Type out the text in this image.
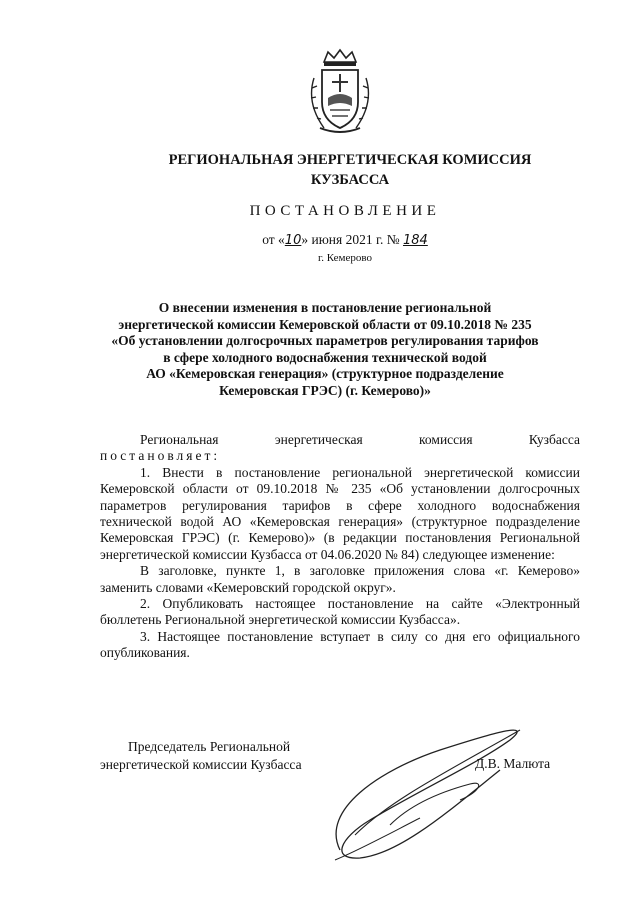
РЕГИОНАЛЬНАЯ ЭНЕРГЕТИЧЕСКАЯ КОМИССИЯ
КУЗБАССА
ПОСТАНОВЛЕНИЕ
от «10» июня 2021 г. № 184
г. Кемерово
О внесении изменения в постановление региональной
энергетической комиссии Кемеровской области от 09.10.2018 № 235
«Об установлении долгосрочных параметров регулирования тарифов
в сфере холодного водоснабжения технической водой
АО «Кемеровская генерация» (структурное подразделение
Кемеровская ГРЭС) (г. Кемерово)»

Региональная энергетическая комиссия Кузбасса

постановляет:

1. Внести в постановление региональной энергетической комиссии Кемеровской области от 09.10.2018 № 235 «Об установлении долгосрочных параметров регулирования тарифов в сфере холодного водоснабжения технической водой АО «Кемеровская генерация» (структурное подразделение Кемеровская ГРЭС) (г. Кемерово)» (в редакции постановления Региональной энергетической комиссии Кузбасса от 04.06.2020 № 84) следующее изменение:

В заголовке, пункте 1, в заголовке приложения слова «г. Кемерово» заменить словами «Кемеровский городской округ».

2. Опубликовать настоящее постановление на сайте «Электронный бюллетень Региональной энергетической комиссии Кузбасса».

3. Настоящее постановление вступает в силу со дня его официального опубликования.

Председатель Региональной
энергетической комиссии Кузбасса	Д.В. Малюта
